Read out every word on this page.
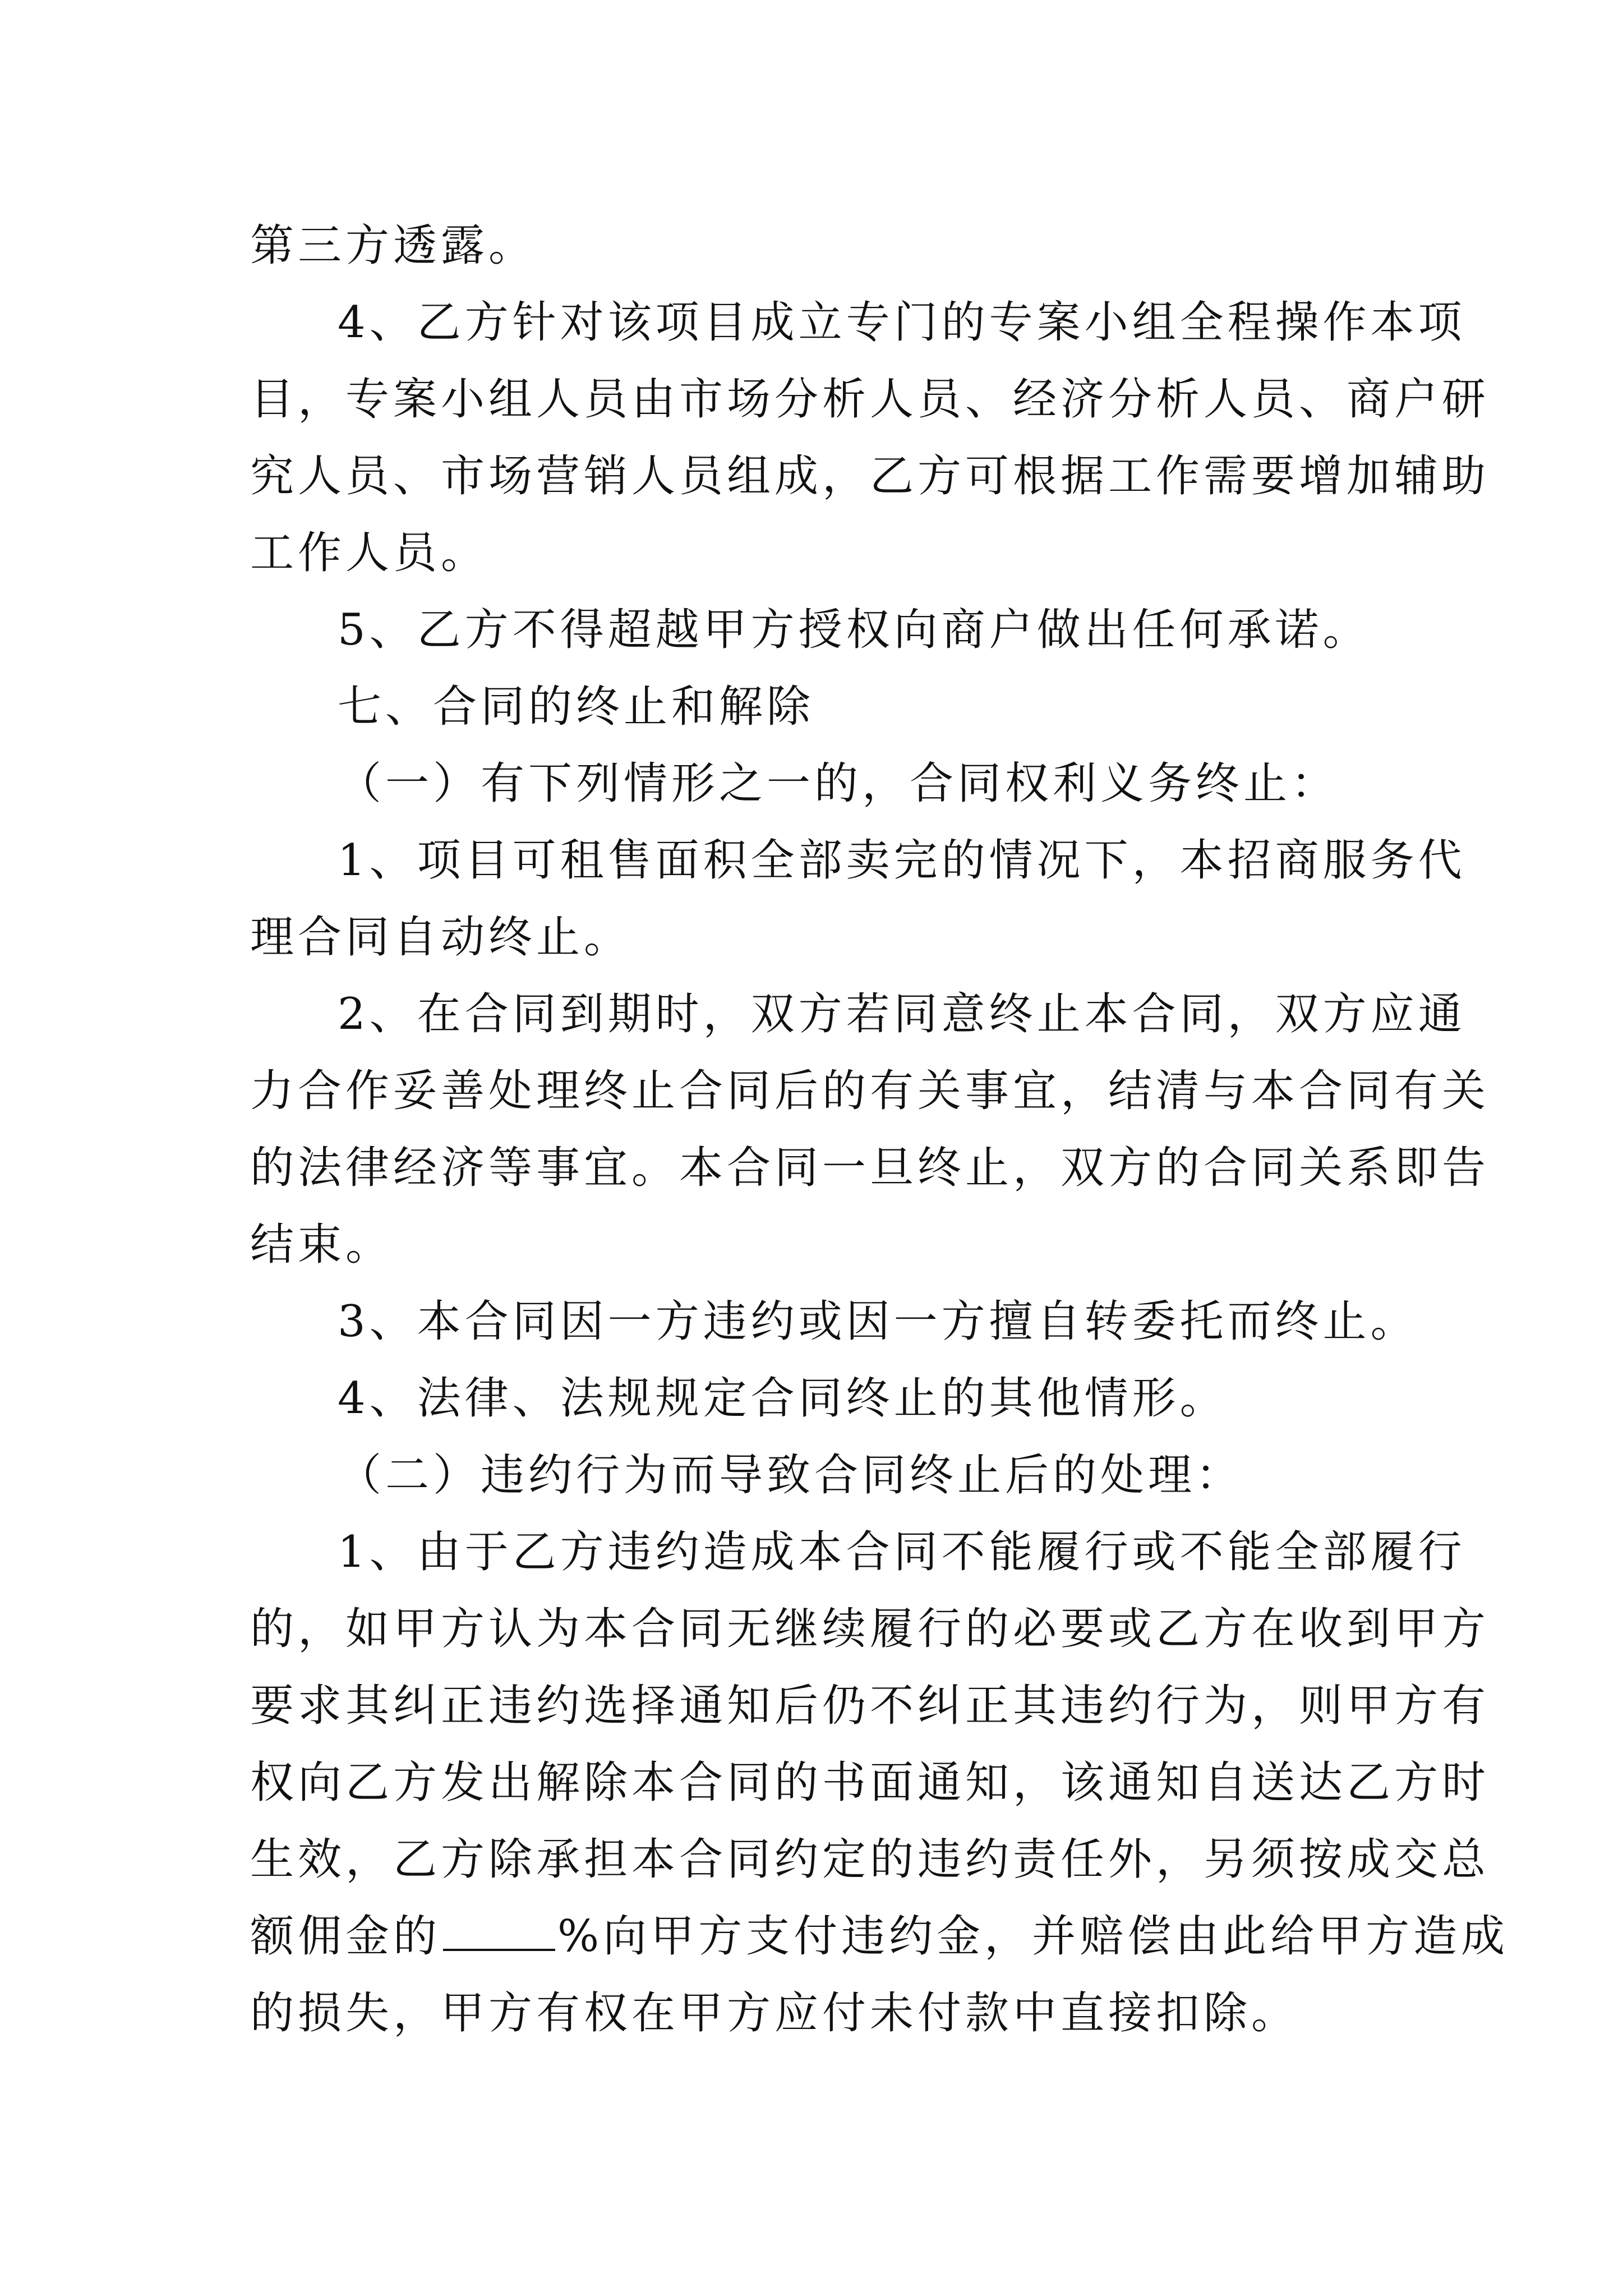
第三方透露。
4、乙方针对该项目成立专门的专案小组全程操作本项
目，专案小组人员由市场分析人员、经济分析人员、商户研
究人员、市场营销人员组成，乙方可根据工作需要增加辅助
工作人员。
5、乙方不得超越甲方授权向商户做出任何承诺。
七、合同的终止和解除
（一）有下列情形之一的，合同权利义务终止：
1、项目可租售面积全部卖完的情况下，本招商服务代
理合同自动终止。
2、在合同到期时，双方若同意终止本合同，双方应通
力合作妥善处理终止合同后的有关事宜，结清与本合同有关
的法律经济等事宜。本合同一旦终止，双方的合同关系即告
结束。
3、本合同因一方违约或因一方擅自转委托而终止。
4、法律、法规规定合同终止的其他情形。
（二）违约行为而导致合同终止后的处理：
1、由于乙方违约造成本合同不能履行或不能全部履行
的，如甲方认为本合同无继续履行的必要或乙方在收到甲方
要求其纠正违约选择通知后仍不纠正其违约行为，则甲方有
权向乙方发出解除本合同的书面通知，该通知自送达乙方时
生效，乙方除承担本合同约定的违约责任外，另须按成交总
额佣金的	%向甲方支付违约金，并赔偿由此给甲方造成
的损失，甲方有权在甲方应付未付款中直接扣除。
